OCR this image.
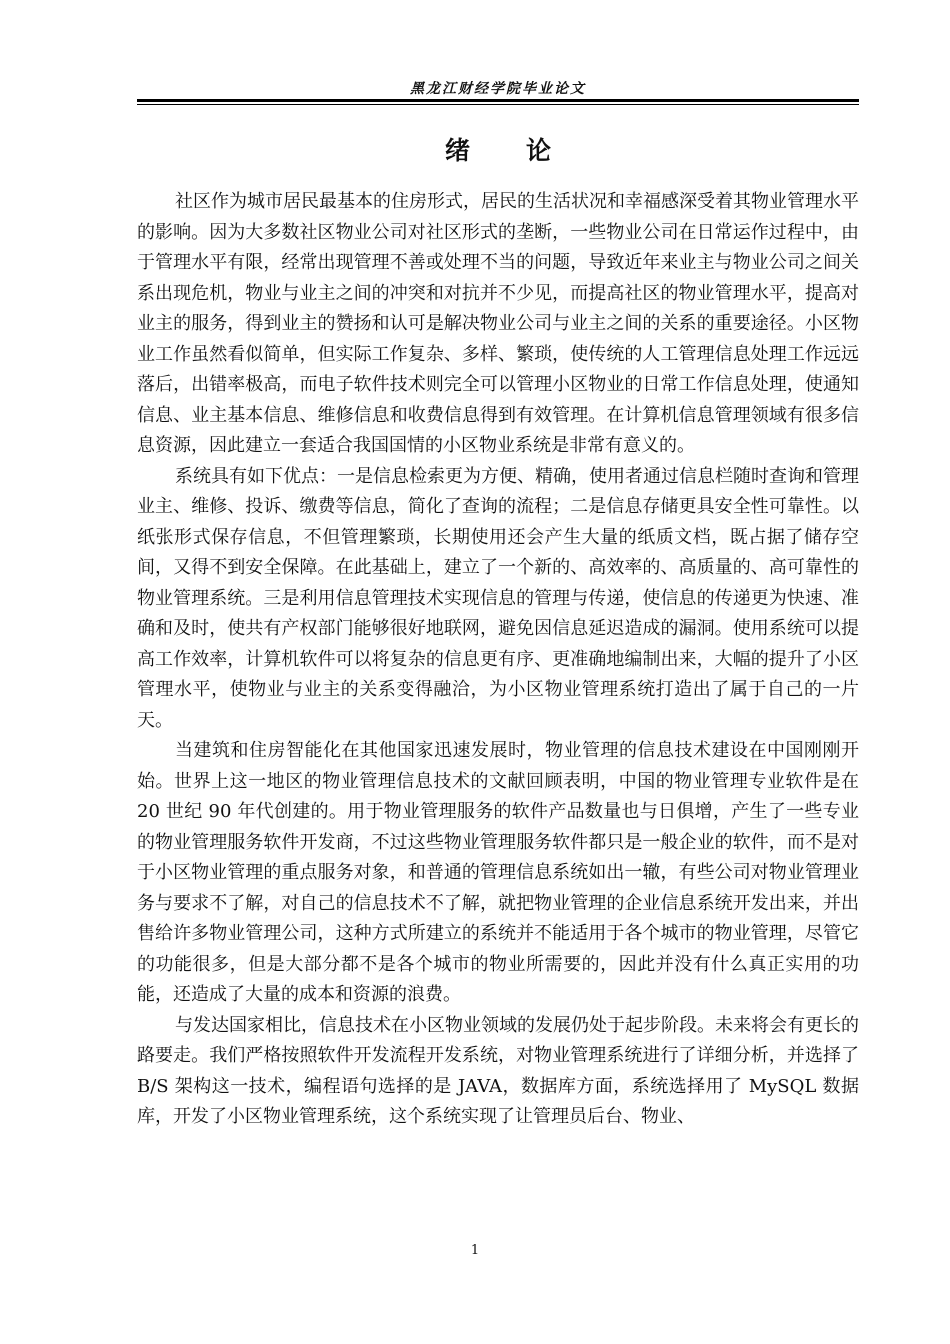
黑龙江财经学院毕业论文
绪 论

社区作为城市居民最基本的住房形式，居民的生活状况和幸福感深受着其物业管理水平的影响。因为大多数社区物业公司对社区形式的垄断，一些物业公司在日常运作过程中，由于管理水平有限，经常出现管理不善或处理不当的问题，导致近年来业主与物业公司之间关系出现危机，物业与业主之间的冲突和对抗并不少见，而提高社区的物业管理水平，提高对业主的服务，得到业主的赞扬和认可是解决物业公司与业主之间的关系的重要途径。小区物业工作虽然看似简单，但实际工作复杂、多样、繁琐，使传统的人工管理信息处理工作远远落后，出错率极高，而电子软件技术则完全可以管理小区物业的日常工作信息处理，使通知信息、业主基本信息、维修信息和收费信息得到有效管理。在计算机信息管理领域有很多信息资源，因此建立一套适合我国国情的小区物业系统是非常有意义的。

系统具有如下优点：一是信息检索更为方便、精确，使用者通过信息栏随时查询和管理业主、维修、投诉、缴费等信息，简化了查询的流程；二是信息存储更具安全性可靠性。以纸张形式保存信息，不但管理繁琐，长期使用还会产生大量的纸质文档，既占据了储存空间，又得不到安全保障。在此基础上，建立了一个新的、高效率的、高质量的、高可靠性的物业管理系统。三是利用信息管理技术实现信息的管理与传递，使信息的传递更为快速、准确和及时，使共有产权部门能够很好地联网，避免因信息延迟造成的漏洞。使用系统可以提高工作效率，计算机软件可以将复杂的信息更有序、更准确地编制出来，大幅的提升了小区管理水平，使物业与业主的关系变得融洽，为小区物业管理系统打造出了属于自己的一片天。

当建筑和住房智能化在其他国家迅速发展时，物业管理的信息技术建设在中国刚刚开始。世界上这一地区的物业管理信息技术的文献回顾表明，中国的物业管理专业软件是在 20 世纪 90 年代创建的。用于物业管理服务的软件产品数量也与日俱增，产生了一些专业的物业管理服务软件开发商，不过这些物业管理服务软件都只是一般企业的软件，而不是对于小区物业管理的重点服务对象，和普通的管理信息系统如出一辙，有些公司对物业管理业务与要求不了解，对自己的信息技术不了解，就把物业管理的企业信息系统开发出来，并出售给许多物业管理公司，这种方式所建立的系统并不能适用于各个城市的物业管理，尽管它的功能很多，但是大部分都不是各个城市的物业所需要的，因此并没有什么真正实用的功能，还造成了大量的成本和资源的浪费。

与发达国家相比，信息技术在小区物业领域的发展仍处于起步阶段。未来将会有更长的路要走。我们严格按照软件开发流程开发系统，对物业管理系统进行了详细分析，并选择了 B/S 架构这一技术，编程语句选择的是 JAVA，数据库方面，系统选择用了 MySQL 数据库，开发了小区物业管理系统，这个系统实现了让管理员后台、物业、

1
